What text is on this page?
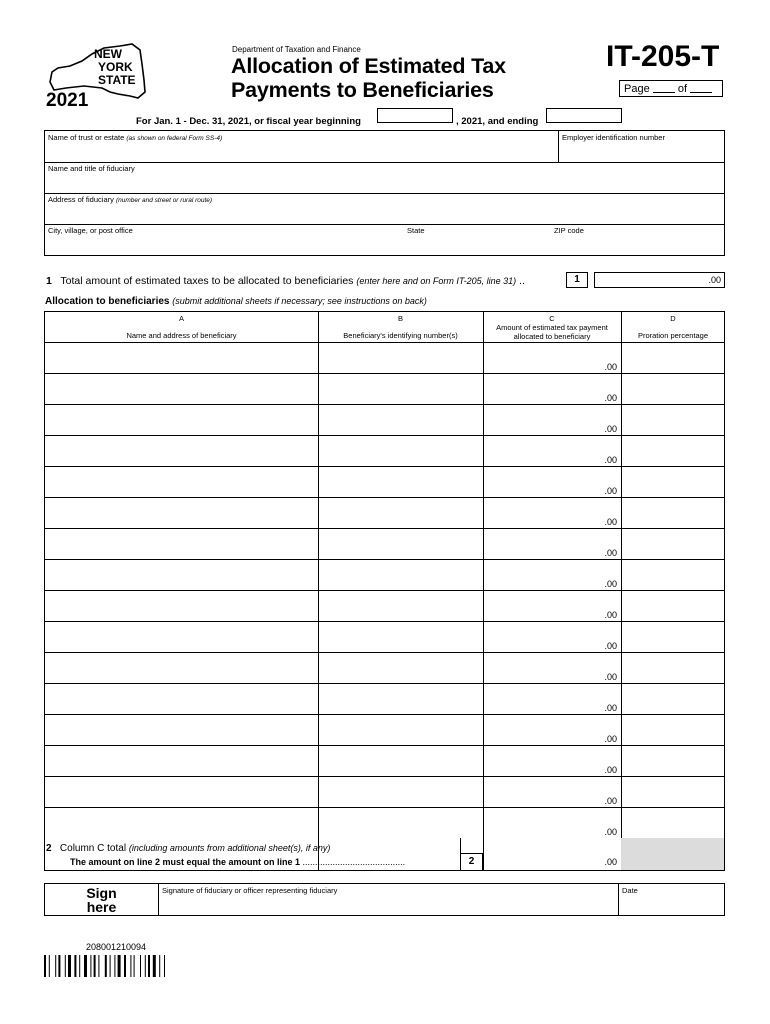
NEW
YORK
STATE
2021
Department of Taxation and Finance
Allocation of Estimated Tax
Payments to Beneficiaries
IT-205-T
Page	of
For Jan. 1 - Dec. 31, 2021, or fiscal year beginning	, 2021, and ending
Name of trust or estate (as shown on federal Form SS-4)	Employer identification number
Name and title of fiduciary
Address of fiduciary (number and street or rural route)
City, village, or post office	State	ZIP code
1 Total amount of estimated taxes to be allocated to beneficiaries (enter here and on Form IT-205, line 31) ..	1	.00
Allocation to beneficiaries (submit additional sheets if necessary; see instructions on back)
A
Name and address of beneficiary
B
Beneficiary's identifying number(s)
C
Amount of estimated tax payment
allocated to beneficiary
D
Proration percentage
.00
.00
.00
.00
.00
.00
.00
.00
.00
.00
.00
.00
.00
.00
.00
.00
2 Column C total (including amounts from additional sheet(s), if any)
The amount on line 2 must equal the amount on line 1 .........................................	2	.00
Sign
here
Signature of fiduciary or officer representing fiduciary	Date
208001210094
